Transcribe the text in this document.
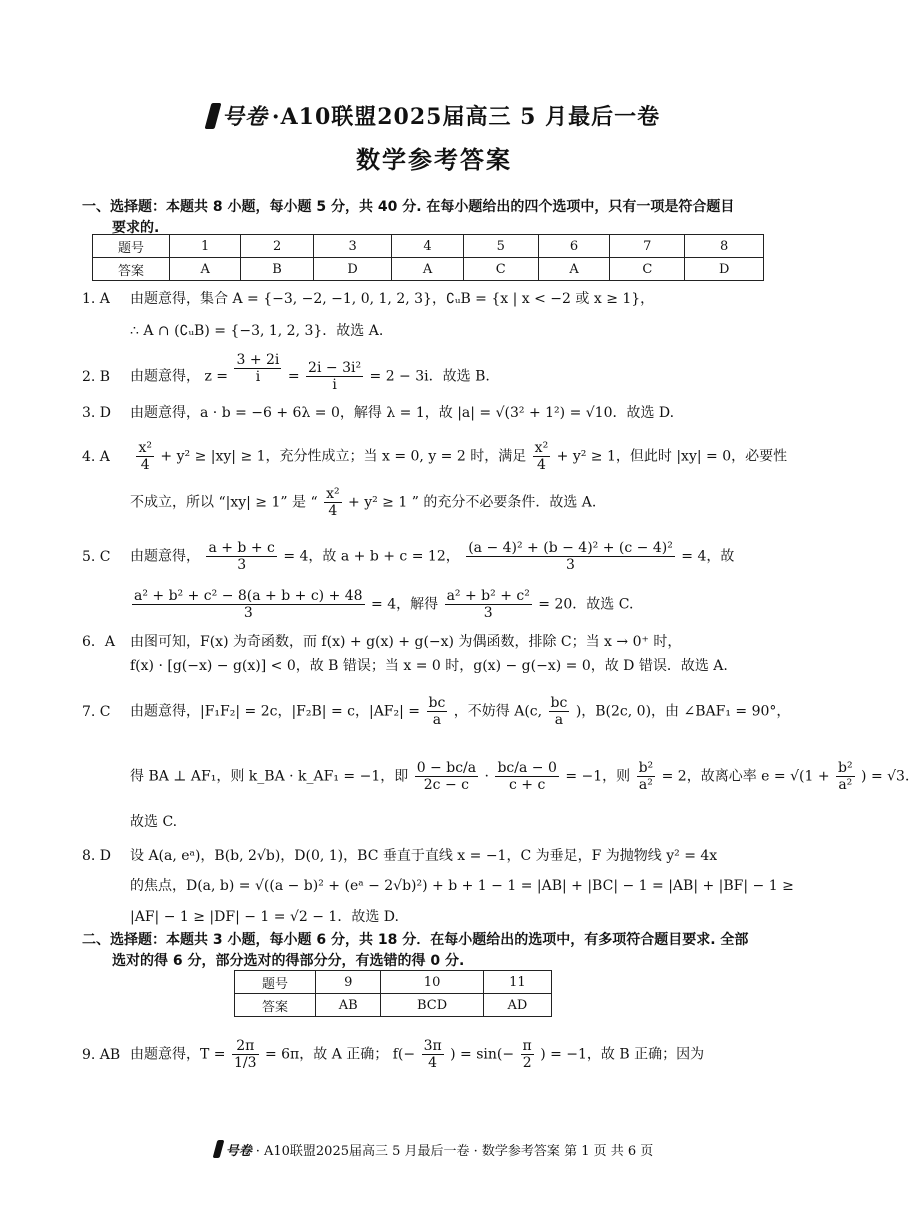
号卷 ·A10联盟2025届高三 5 月最后一卷
数学参考答案
一、选择题：本题共 8 小题，每小题 5 分，共 40 分. 在每小题给出的四个选项中，只有一项是符合题目
要求的.
题号	1	2	3	4	5	6	7	8
答案	A	B	D	A	C	A	C	D
1. A 由题意得，集合 A = {−3, −2, −1, 0, 1, 2, 3}，∁ᵤB = {x | x < −2 或 x ≥ 1}，
∴ A ∩ (∁ᵤB) = {−3, 1, 2, 3}．故选 A.
2. B 由题意得， $z = \frac{3 + 2i}{i} = \frac{\text{2i − 3i²}}{i} = 2 - 3i$．故选 B.
3. D 由题意得，a · b = −6 + 6λ = 0，解得 λ = 1，故 |a| = √(3² + 1²) = √10．故选 D.
4. A $\frac{\text{x²}}{4} + y^2 \ge |xy| \ge 1$，充分性成立；当 x = 0, y = 2 时，满足 $\frac{\text{x²}}{4} + y^2 \ge 1$，但此时 |xy| = 0，必要性
不成立，所以 “|xy| ≥ 1” 是 “ $\frac{\text{x²}}{4} + y^2 \ge 1$ ” 的充分不必要条件．故选 A.
5. C 由题意得， $\frac{a + b + c}{3} = 4$，故 a + b + c = 12， $\frac{\text{(a − 4)² + (b − 4)² + (c − 4)²}}{3} = 4$，故
$\frac{\text{a² + b² + c² − 8(a + b + c) + 48}}{3} = 4$，解得 $\frac{\text{a² + b² + c²}}{3} = 20$．故选 C.
6．A 由图可知，F(x) 为奇函数，而 f(x) + g(x) + g(−x) 为偶函数，排除 C；当 x → 0⁺ 时，
f(x) · [g(−x) − g(x)] < 0，故 B 错误；当 x = 0 时，g(x) − g(−x) = 0，故 D 错误．故选 A.
7. C 由题意得，|F₁F₂| = 2c，|F₂B| = c，$|AF_2| = \frac{bc}{a}$ ，不妨得 A(c, $\frac{bc}{a}$ )，B(2c, 0)，由 ∠BAF₁ = 90°，
得 BA ⊥ AF₁，则 k_BA · k_AF₁ = −1，即 $\frac{0 - bc/a}{2c - c} \cdot \frac{bc/a - 0}{c + c} = -1$，则 $\frac{\text{b²}}{\text{a²}} = 2$，故离心率 $e = √(1 + \frac{\text{b²}}{\text{a²}}$ ) = √3．
故选 C.
8. D 设 A(a, eᵃ)，B(b, 2√b)，D(0, 1)，BC 垂直于直线 x = −1，C 为垂足，F 为抛物线 y² = 4x
的焦点，D(a, b) = √((a − b)² + (eᵃ − 2√b)²) + b + 1 − 1 = |AB| + |BC| − 1 = |AB| + |BF| − 1 ≥
|AF| − 1 ≥ |DF| − 1 = √2 − 1．故选 D.
二、选择题：本题共 3 小题，每小题 6 分，共 18 分．在每小题给出的选项中，有多项符合题目要求. 全部
选对的得 6 分，部分选对的得部分分，有选错的得 0 分.
题号	9	10	11
答案	AB	BCD	AD
9. AB 由题意得，$T = \frac{2\pi}{1/3} = 6\pi$，故 A 正确； $f(- \frac{3\pi}{4}$ ) = $\sin(- \frac{\pi}{2}$ ) = −1，故 B 正确；因为
号卷 · A10联盟2025届高三 5 月最后一卷 · 数学参考答案 第 1 页 共 6 页
